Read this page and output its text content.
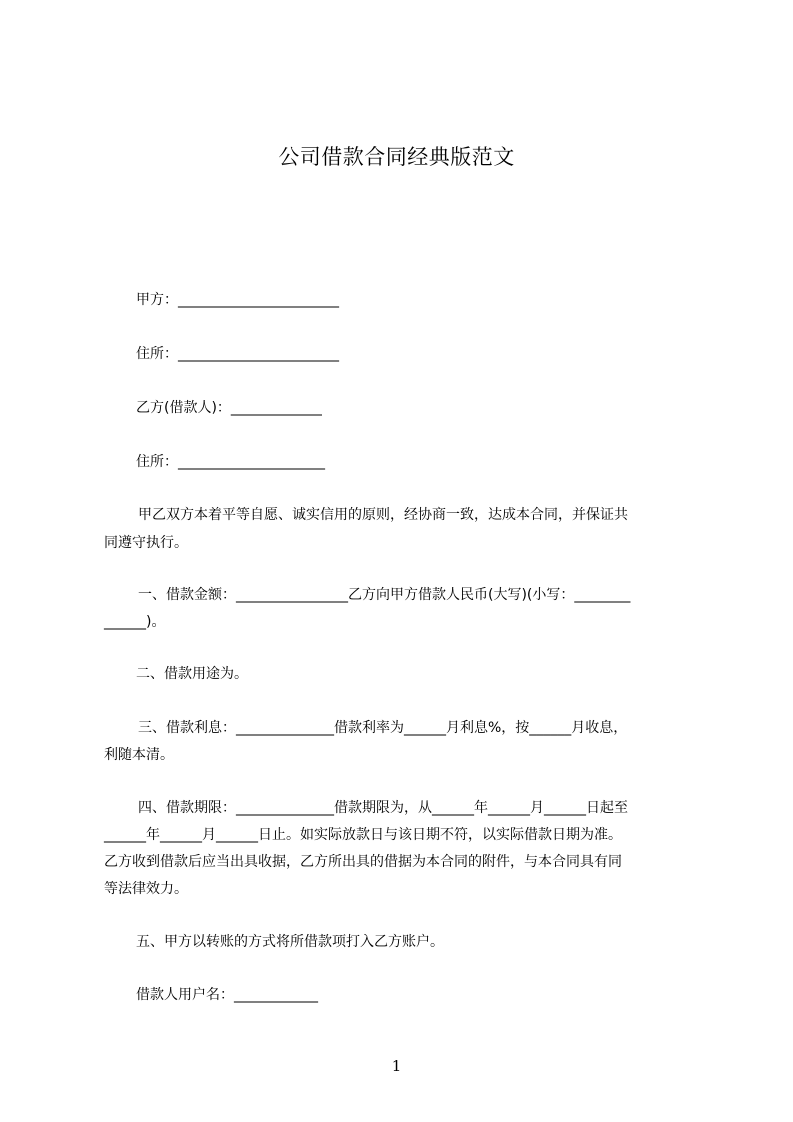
公司借款合同经典版范文
甲方：_______________________
住所：_______________________
乙方(借款人)：_____________
住所：_____________________
甲乙双方本着平等自愿、诚实信用的原则，经协商一致，达成本合同，并保证共
同遵守执行。
一、借款金额：________________乙方向甲方借款人民币(大写)(小写：________
______)。
二、借款用途为。
三、借款利息：______________借款利率为______月利息%，按______月收息，
利随本清。
四、借款期限：______________借款期限为，从______年______月______日起至
______年______月______日止。如实际放款日与该日期不符，以实际借款日期为准。
乙方收到借款后应当出具收据，乙方所出具的借据为本合同的附件，与本合同具有同
等法律效力。
五、甲方以转账的方式将所借款项打入乙方账户。
借款人用户名：____________
1
